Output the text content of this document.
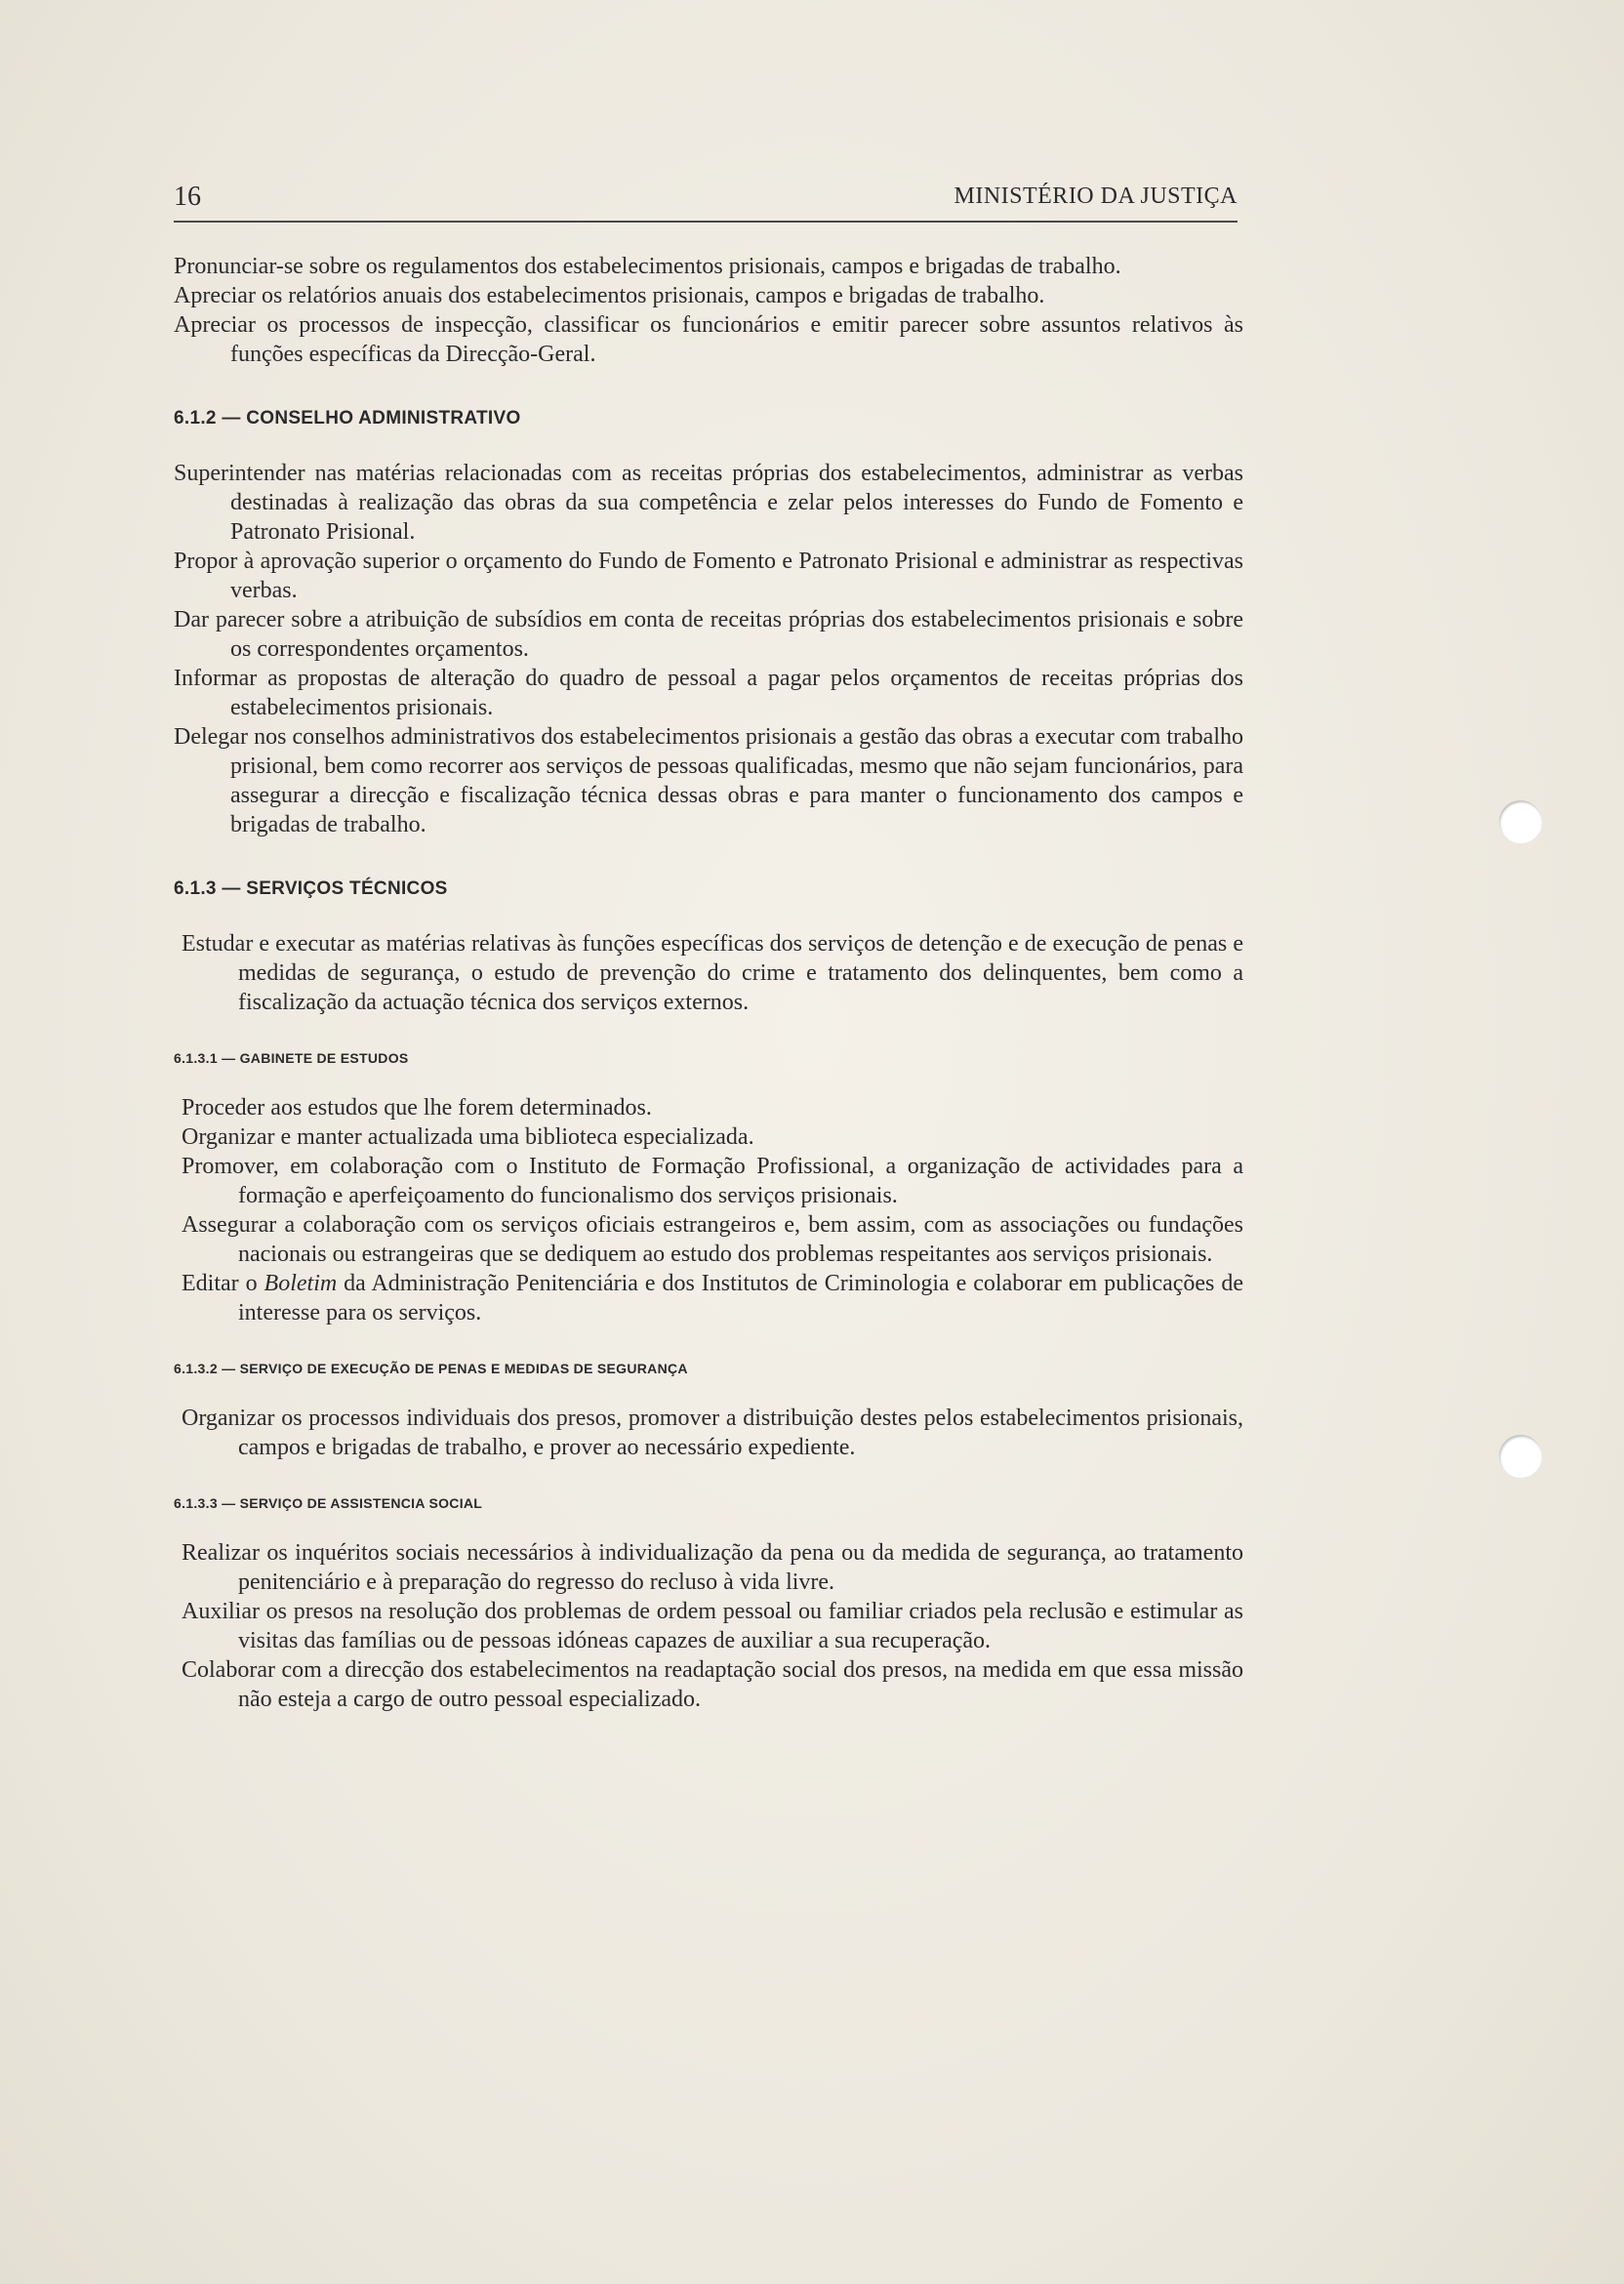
16	MINISTÉRIO DA JUSTIÇA

Pronunciar-se sobre os regulamentos dos estabelecimentos prisionais, campos e brigadas de trabalho.

Apreciar os relatórios anuais dos estabelecimentos prisionais, campos e brigadas de trabalho.

Apreciar os processos de inspecção, classificar os funcionários e emitir parecer sobre assuntos relativos às funções específicas da Direcção-Geral.

6.1.2 — CONSELHO ADMINISTRATIVO

Superintender nas matérias relacionadas com as receitas próprias dos estabelecimentos, administrar as verbas destinadas à realização das obras da sua competência e zelar pelos interesses do Fundo de Fomento e Patronato Prisional.

Propor à aprovação superior o orçamento do Fundo de Fomento e Patronato Prisional e administrar as respectivas verbas.

Dar parecer sobre a atribuição de subsídios em conta de receitas próprias dos estabelecimentos prisionais e sobre os correspondentes orçamentos.

Informar as propostas de alteração do quadro de pessoal a pagar pelos orçamentos de receitas próprias dos estabelecimentos prisionais.

Delegar nos conselhos administrativos dos estabelecimentos prisionais a gestão das obras a executar com trabalho prisional, bem como recorrer aos serviços de pessoas qualificadas, mesmo que não sejam funcionários, para assegurar a direcção e fiscalização técnica dessas obras e para manter o funcionamento dos campos e brigadas de trabalho.

6.1.3 — SERVIÇOS TÉCNICOS

Estudar e executar as matérias relativas às funções específicas dos serviços de detenção e de execução de penas e medidas de segurança, o estudo de prevenção do crime e tratamento dos delinquentes, bem como a fiscalização da actuação técnica dos serviços externos.

6.1.3.1 — GABINETE DE ESTUDOS

Proceder aos estudos que lhe forem determinados.

Organizar e manter actualizada uma biblioteca especializada.

Promover, em colaboração com o Instituto de Formação Profissional, a organização de actividades para a formação e aperfeiçoamento do funcionalismo dos serviços prisionais.

Assegurar a colaboração com os serviços oficiais estrangeiros e, bem assim, com as associações ou fundações nacionais ou estrangeiras que se dediquem ao estudo dos problemas respeitantes aos serviços prisionais.

Editar o Boletim da Administração Penitenciária e dos Institutos de Criminologia e colaborar em publicações de interesse para os serviços.

6.1.3.2 — SERVIÇO DE EXECUÇÃO DE PENAS E MEDIDAS DE SEGURANÇA

Organizar os processos individuais dos presos, promover a distribuição destes pelos estabelecimentos prisionais, campos e brigadas de trabalho, e prover ao necessário expediente.

6.1.3.3 — SERVIÇO DE ASSISTENCIA SOCIAL

Realizar os inquéritos sociais necessários à individualização da pena ou da medida de segurança, ao tratamento penitenciário e à preparação do regresso do recluso à vida livre.

Auxiliar os presos na resolução dos problemas de ordem pessoal ou familiar criados pela reclusão e estimular as visitas das famílias ou de pessoas idóneas capazes de auxiliar a sua recuperação.

Colaborar com a direcção dos estabelecimentos na readaptação social dos presos, na medida em que essa missão não esteja a cargo de outro pessoal especializado.
